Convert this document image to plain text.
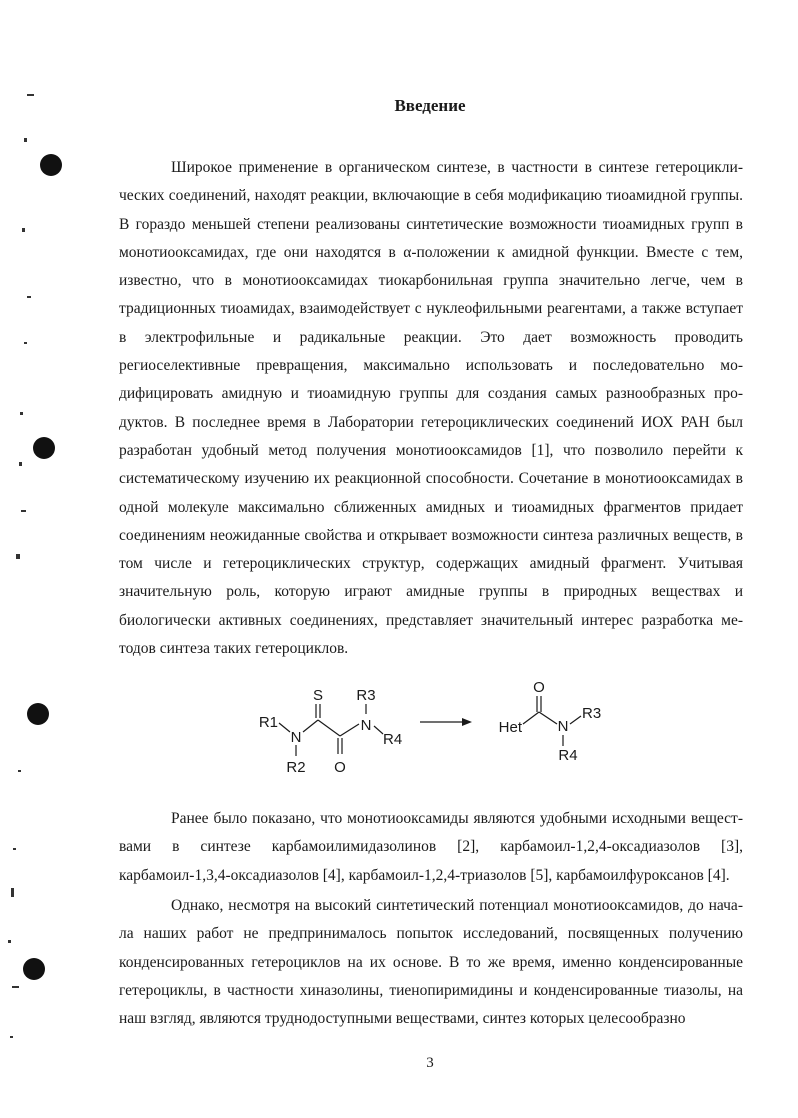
Введение

Широкое применение в органическом синтезе, в частности в синтезе гетероциклических соединений, находят реакции, включающие в себя модификацию тиоамидной группы. В гораздо меньшей степени реализованы синтетические возможности тиоамидных групп в монотиооксамидах, где они находятся в α-положении к амидной функции. Вместе с тем, известно, что в монотиооксамидах тиокарбонильная группа значительно легче, чем в традиционных тиоамидах, взаимодействует с нуклеофильными реагентами, а также вступает в электрофильные и радикальные реакции. Это дает возможность проводить региоселективные превращения, максимально использовать и последовательно модифицировать амидную и тиоамидную группы для создания самых разнообразных продуктов. В последнее время в Лаборатории гетероциклических соединений ИОХ РАН был разработан удобный метод получения монотиооксамидов [1], что позволило перейти к систематическому изучению их реакционной способности. Сочетание в монотиооксамидах в одной молекуле максимально сближенных амидных и тиоамидных фрагментов придает соединениям неожиданные свойства и открывает возможности синтеза различных веществ, в том числе и гетероциклических структур, содержащих амидный фрагмент. Учитывая значительную роль, которую играют амидные группы в природных веществах и биологически активных соединениях, представляет значительный интерес разработка методов синтеза таких гетероциклов.

R1
N
R2
S
O
N
R3
R4
O
Het N
R3
R4

Ранее было показано, что монотиооксамиды являются удобными исходными веществами в синтезе карбамоилимидазолинов [2], карбамоил-1,2,4-оксадиазолов [3], карбамоил-1,3,4-оксадиазолов [4], карбамоил-1,2,4-триазолов [5], карбамоилфуроксанов [4].

Однако, несмотря на высокий синтетический потенциал монотиооксамидов, до начала наших работ не предпринималось попыток исследований, посвященных получению конденсированных гетероциклов на их основе. В то же время, именно конденсированные гетероциклы, в частности хиназолины, тиенопиримидины и конденсированные тиазолы, на наш взгляд, являются труднодоступными веществами, синтез которых целесообразно

3
